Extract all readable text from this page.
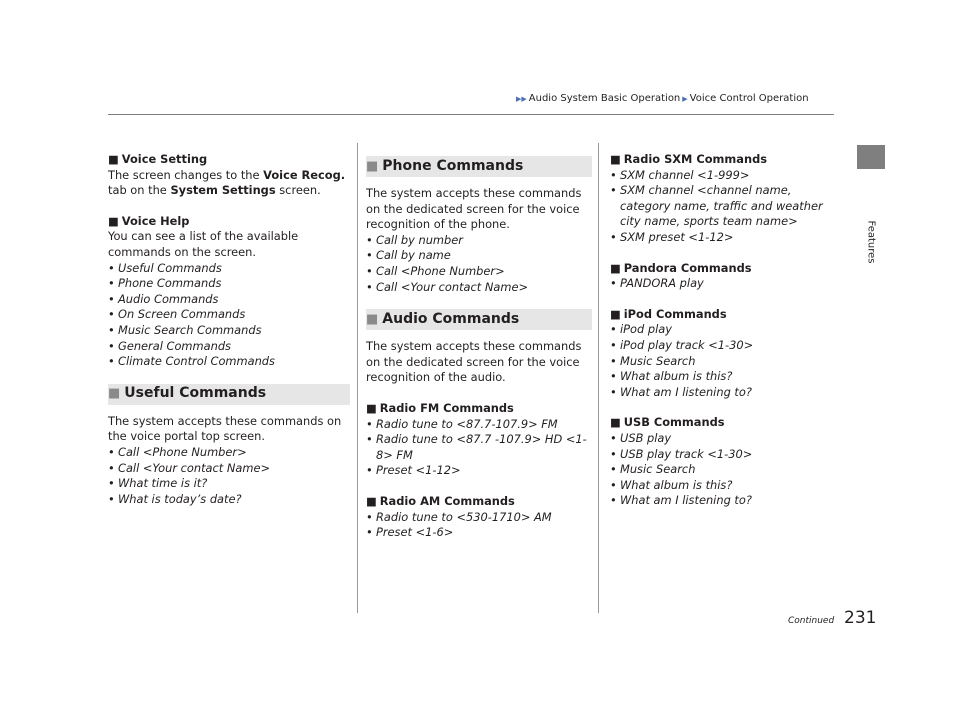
▶▶ Audio System Basic Operation ▶ Voice Control Operation
Features

■ Voice Setting

The screen changes to the Voice Recog.
tab on the System Settings screen.

■ Voice Help

You can see a list of the available commands on the screen.

• Useful Commands
• Phone Commands
• Audio Commands
• On Screen Commands
• Music Search Commands
• General Commands
• Climate Control Commands
■ Useful Commands

The system accepts these commands on the voice portal top screen.

• Call <Phone Number>
• Call <Your contact Name>
• What time is it?
• What is today’s date?
■ Phone Commands

The system accepts these commands on the dedicated screen for the voice recognition of the phone.

• Call by number
• Call by name
• Call <Phone Number>
• Call <Your contact Name>
■ Audio Commands

The system accepts these commands on the dedicated screen for the voice recognition of the audio.

■ Radio FM Commands

• Radio tune to <87.7-107.9> FM
• Radio tune to <87.7 -107.9> HD <1-8> FM
• Preset <1-12>

■ Radio AM Commands

• Radio tune to <530-1710> AM
• Preset <1-6>

■ Radio SXM Commands

• SXM channel <1-999>
• SXM channel <channel name, category name, traffic and weather city name, sports team name>
• SXM preset <1-12>

■ Pandora Commands

• PANDORA play

■ iPod Commands

• iPod play
• iPod play track <1-30>
• Music Search
• What album is this?
• What am I listening to?

■ USB Commands

• USB play
• USB play track <1-30>
• Music Search
• What album is this?
• What am I listening to?
Continued 231
